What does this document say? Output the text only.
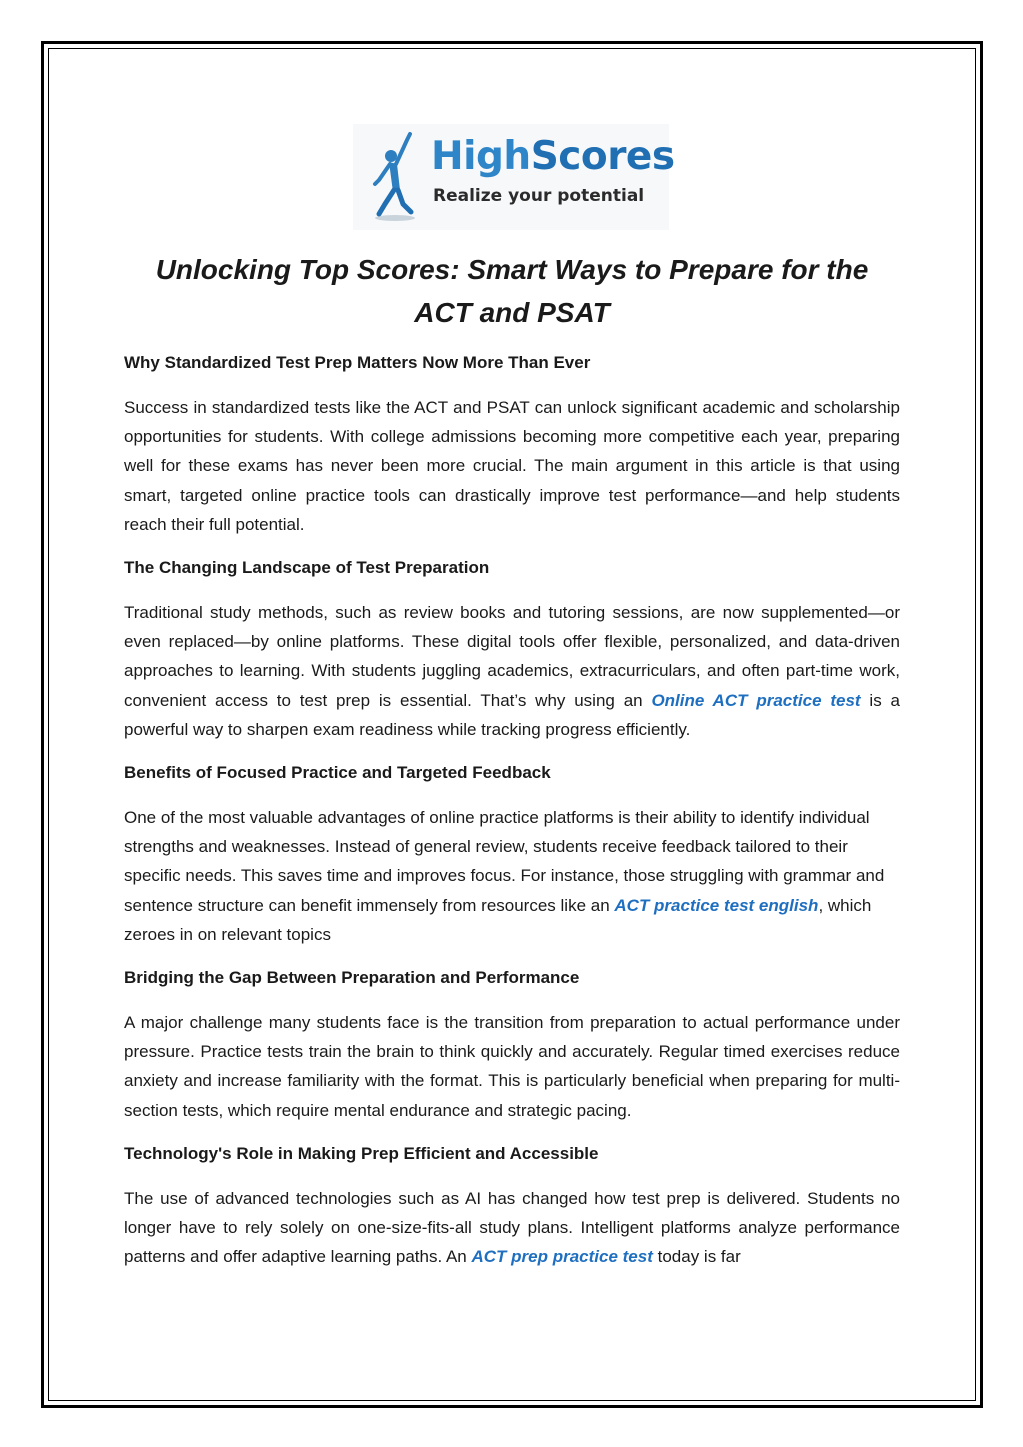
HighScores
Realize your potential
Unlocking Top Scores: Smart Ways to Prepare for the ACT and PSAT
Why Standardized Test Prep Matters Now More Than Ever

Success in standardized tests like the ACT and PSAT can unlock significant academic and scholarship opportunities for students. With college admissions becoming more competitive each year, preparing well for these exams has never been more crucial. The main argument in this article is that using smart, targeted online practice tools can drastically improve test performance—and help students reach their full potential.

The Changing Landscape of Test Preparation

Traditional study methods, such as review books and tutoring sessions, are now supplemented—or even replaced—by online platforms. These digital tools offer flexible, personalized, and data-driven approaches to learning. With students juggling academics, extracurriculars, and often part-time work, convenient access to test prep is essential. That’s why using an Online ACT practice test is a powerful way to sharpen exam readiness while tracking progress efficiently.

Benefits of Focused Practice and Targeted Feedback

One of the most valuable advantages of online practice platforms is their ability to identify individual strengths and weaknesses. Instead of general review, students receive feedback tailored to their specific needs. This saves time and improves focus. For instance, those struggling with grammar and sentence structure can benefit immensely from resources like an ACT practice test english, which zeroes in on relevant topics

Bridging the Gap Between Preparation and Performance

A major challenge many students face is the transition from preparation to actual performance under pressure. Practice tests train the brain to think quickly and accurately. Regular timed exercises reduce anxiety and increase familiarity with the format. This is particularly beneficial when preparing for multi-section tests, which require mental endurance and strategic pacing.

Technology's Role in Making Prep Efficient and Accessible

The use of advanced technologies such as AI has changed how test prep is delivered. Students no longer have to rely solely on one-size-fits-all study plans. Intelligent platforms analyze performance patterns and offer adaptive learning paths. An ACT prep practice test today is far
